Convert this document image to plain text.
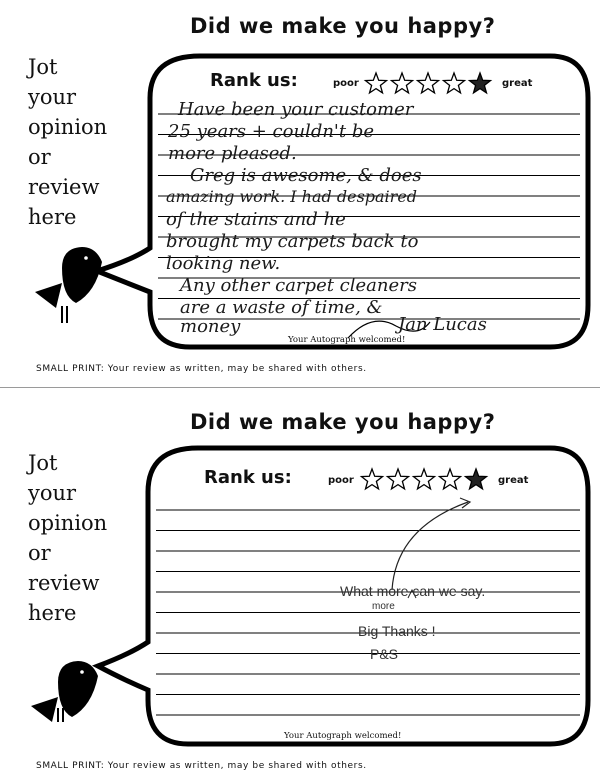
Did we make you happy?
Jot
your
opinion
or
review
here
Rank us:	poor	great
Have been your customer
25 years + couldn't be
more pleased.
Greg is awesome, & does
amazing work. I had despaired
of the stains and he
brought my carpets back to
looking new.
Any other carpet cleaners
are a waste of time, &
money	Jan Lucas
Your Autograph welcomed!
SMALL PRINT: Your review as written, may be shared with others.
Did we make you happy?
Jot
your
opinion
or
review
here
Rank us:	poor	great
What more can we say.
more
Big Thanks !
P&S
Your Autograph welcomed!
SMALL PRINT: Your review as written, may be shared with others.
